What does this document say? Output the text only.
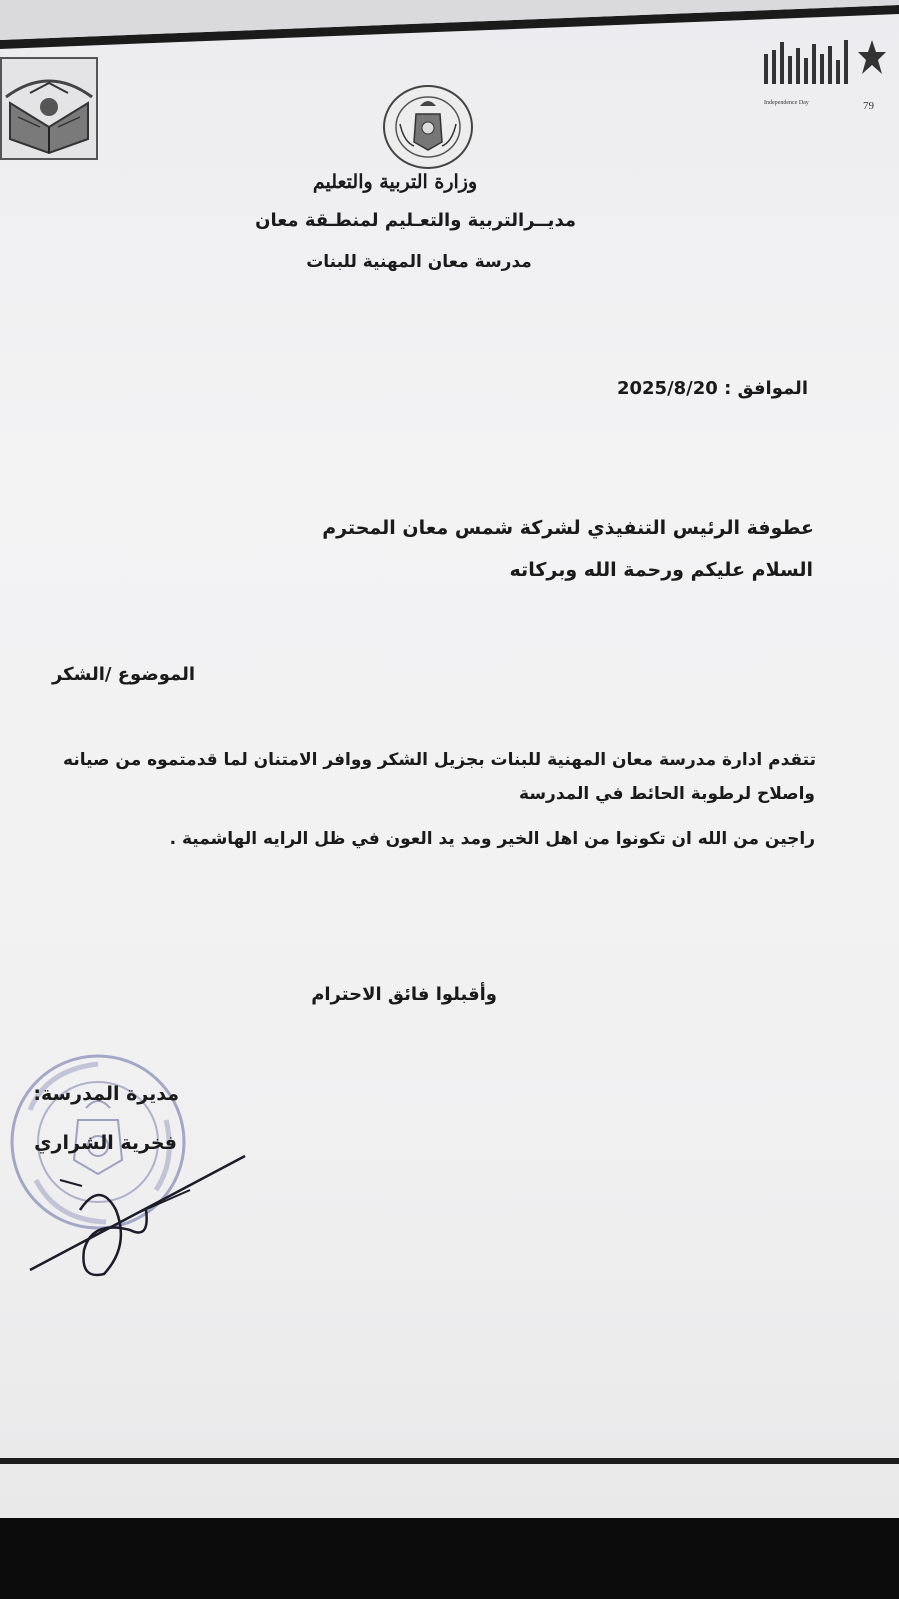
Independence Day	79
وزارة التربية والتعليم
مديــرالتربية والتعـليم لمنطـقة معان
مدرسة معان المهنية للبنات
الموافق : 2025/8/20
عطوفة الرئيس التنفيذي لشركة شمس معان المحترم
السلام عليكم ورحمة الله وبركاته
الموضوع /الشكر
تتقدم ادارة مدرسة معان المهنية للبنات بجزيل الشكر ووافر الامتنان لما قدمتموه من صيانه
واصلاح لرطوبة الحائط في المدرسة
راجين من الله ان تكونوا من اهل الخير ومد يد العون في ظل الرايه الهاشمية .
وأقبلوا فائق الاحترام
مديرة المدرسة:
فخرية الشراري
